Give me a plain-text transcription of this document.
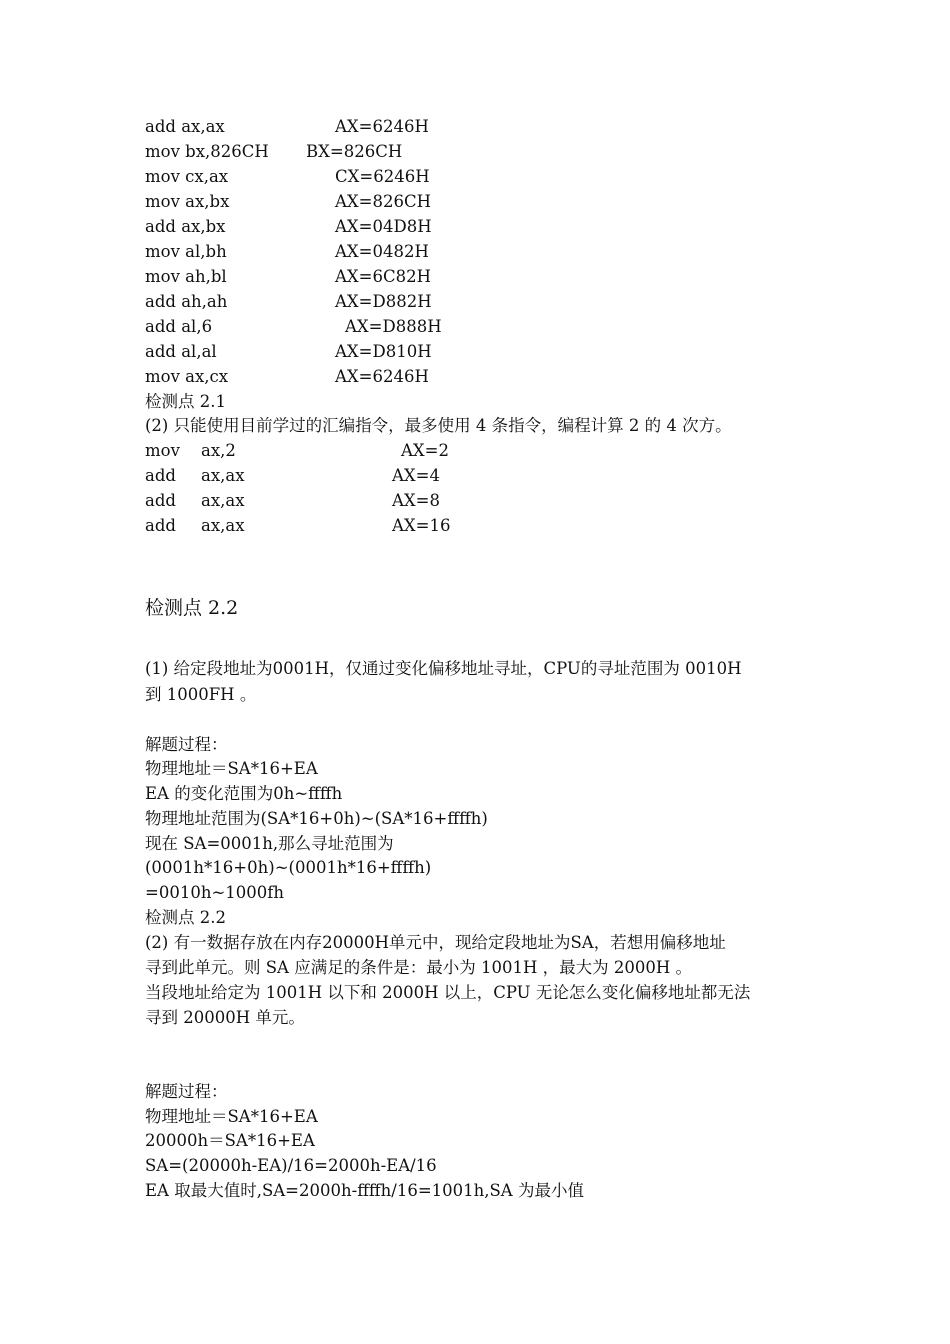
add ax,ax	AX=6246H
mov bx,826CH BX=826CH
mov cx,ax	CX=6246H
mov ax,bx	AX=826CH
add ax,bx	AX=04D8H
mov al,bh	AX=0482H
mov ah,bl	AX=6C82H
add ah,ah	AX=D882H
add al,6	AX=D888H
add al,al	AX=D810H
mov ax,cx	AX=6246H
检测点 2.1
(2) 只能使用目前学过的汇编指令，最多使用 4 条指令，编程计算 2 的 4 次方。
mov ax,2	AX=2
add ax,ax	AX=4
add ax,ax	AX=8
add ax,ax	AX=16
检测点 2.2
(1) 给定段地址为0001H，仅通过变化偏移地址寻址，CPU的寻址范围为 0010H
到 1000FH 。
解题过程：
物理地址＝SA*16+EA
EA 的变化范围为0h~ffffh
物理地址范围为(SA*16+0h)~(SA*16+ffffh)
现在 SA=0001h,那么寻址范围为
(0001h*16+0h)~(0001h*16+ffffh)
=0010h~1000fh
检测点 2.2
(2) 有一数据存放在内存20000H单元中，现给定段地址为SA，若想用偏移地址
寻到此单元。则 SA 应满足的条件是：最小为 1001H ，最大为 2000H 。
当段地址给定为 1001H 以下和 2000H 以上，CPU 无论怎么变化偏移地址都无法
寻到 20000H 单元。
解题过程：
物理地址＝SA*16+EA
20000h＝SA*16+EA
SA=(20000h-EA)/16=2000h-EA/16
EA 取最大值时,SA=2000h-ffffh/16=1001h,SA 为最小值
